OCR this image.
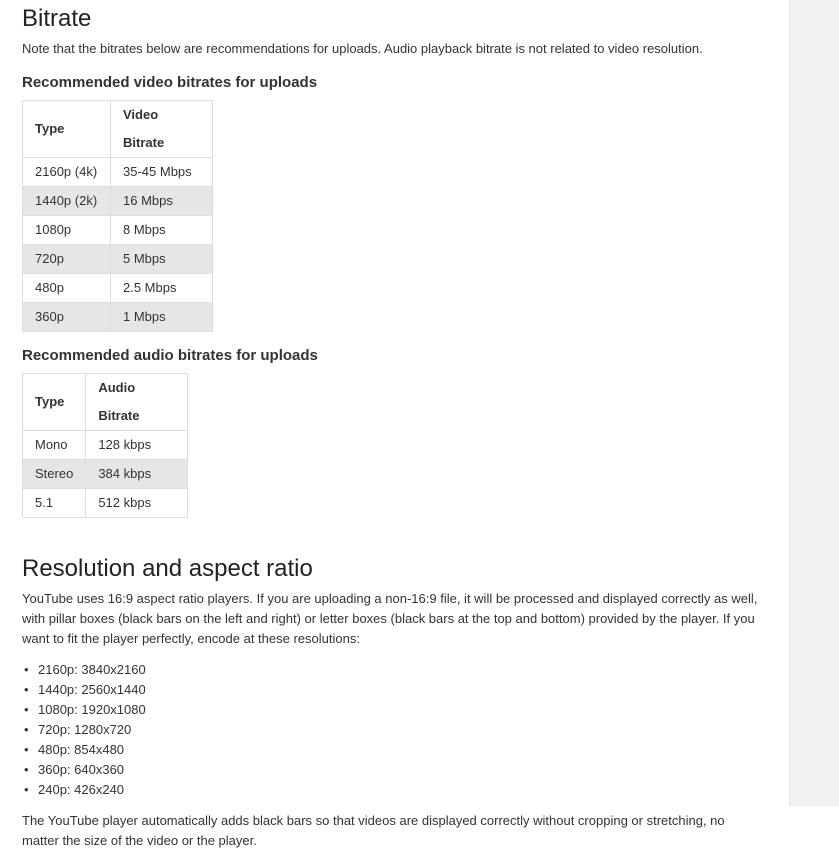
Bitrate

Note that the bitrates below are recommendations for uploads. Audio playback bitrate is not related to video resolution.

Recommended video bitrates for uploads
Type	Video Bitrate
2160p (4k)	35-45 Mbps
1440p (2k)	16 Mbps
1080p	8 Mbps
720p	5 Mbps
480p	2.5 Mbps
360p	1 Mbps
Recommended audio bitrates for uploads
Type	Audio Bitrate
Mono	128 kbps
Stereo	384 kbps
5.1	512 kbps
Resolution and aspect ratio

YouTube uses 16:9 aspect ratio players. If you are uploading a non-16:9 file, it will be processed and displayed correctly as well, with pillar boxes (black bars on the left and right) or letter boxes (black bars at the top and bottom) provided by the player. If you want to fit the player perfectly, encode at these resolutions:

• 2160p: 3840x2160
• 1440p: 2560x1440
• 1080p: 1920x1080
• 720p: 1280x720
• 480p: 854x480
• 360p: 640x360
• 240p: 426x240

The YouTube player automatically adds black bars so that videos are displayed correctly without cropping or stretching, no matter the size of the video or the player.
